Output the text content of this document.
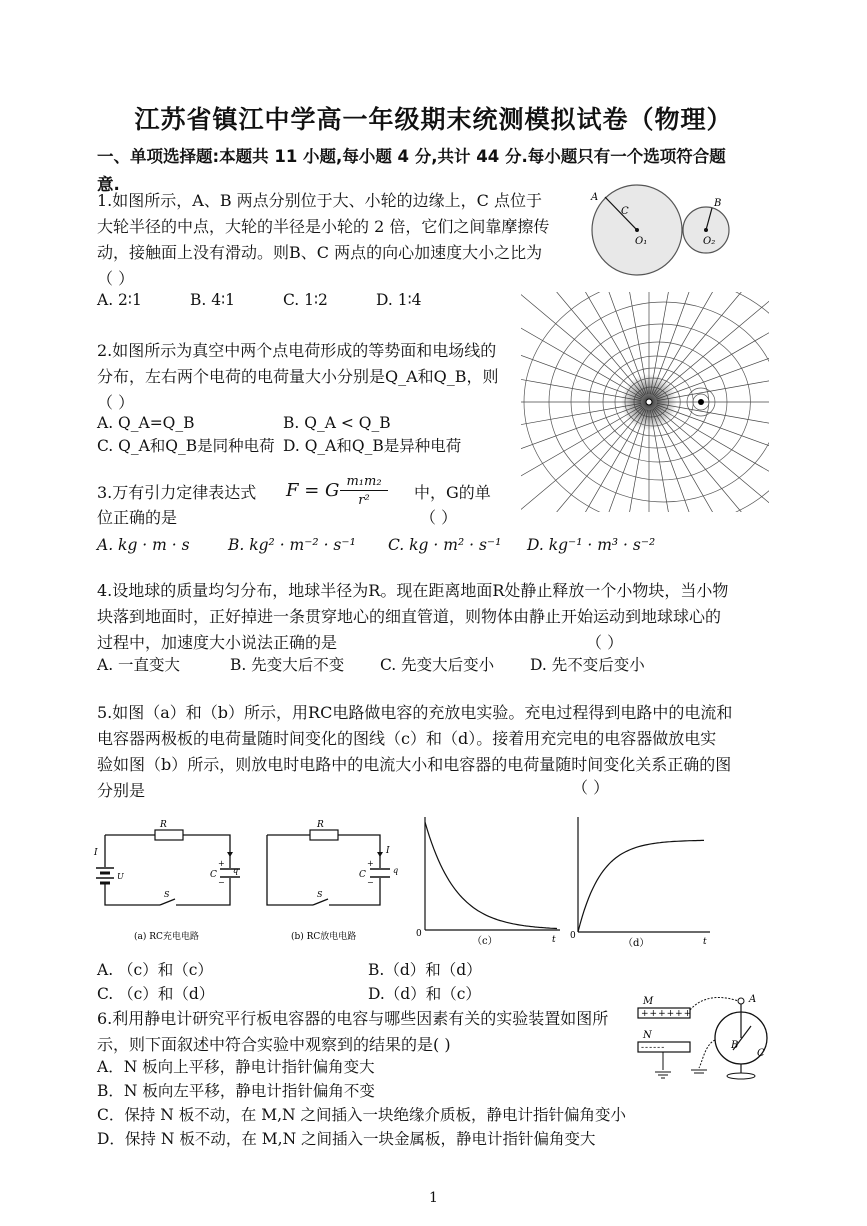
江苏省镇江中学高一年级期末统测模拟试卷（物理）
一、单项选择题:本题共 11 小题,每小题 4 分,共计 44 分.每小题只有一个选项符合题
意.
1.如图所示，A、B 两点分别位于大、小轮的边缘上，C 点位于
大轮半径的中点，大轮的半径是小轮的 2 倍，它们之间靠摩擦传
动，接触面上没有滑动。则B、C 两点的向心加速度大小之比为
（ ）
A. 2∶1	B. 4∶1	C. 1∶2	D. 1∶4
A
C
O₁
B
O₂
2.如图所示为真空中两个点电荷形成的等势面和电场线的
分布，左右两个电荷的电荷量大小分别是Q_A和Q_B，则
（ ）
A. Q_A=Q_B	B. Q_A < Q_B
C. Q_A和Q_B是同种电荷 D. Q_A和Q_B是异种电荷
3.万有引力定律表达式 F = G m₁m₂
r²	中，G的单
位正确的是	（ ）
A. kg · m · s B. kg² · m⁻² · s⁻¹ C. kg · m² · s⁻¹ D. kg⁻¹ · m³ · s⁻²
4.设地球的质量均匀分布，地球半径为R。现在距离地面R处静止释放一个小物块，当小物
块落到地面时，正好掉进一条贯穿地心的细直管道，则物体由静止开始运动到地球球心的
过程中，加速度大小说法正确的是	（ ）
A. 一直变大	B. 先变大后不变 C. 先变大后变小 D. 先不变后变小
5.如图（a）和（b）所示，用RC电路做电容的充放电实验。充电过程得到电路中的电流和
电容器两极板的电荷量随时间变化的图线（c）和（d）。接着用充完电的电容器做放电实
验如图（b）所示，则放电时电路中的电流大小和电容器的电荷量随时间变化关系正确的图
分别是	（ ）
R
I
U	C
+
−
q
S
(a) RC充电电路
R
I
C
+
−
q
S
(b) RC放电电路	0
t
（c）	0
t
（d）
A. （c）和（c）	B.（d）和（d）
C. （c）和（d）	D.（d）和（c）
6.利用静电计研究平行板电容器的电容与哪些因素有关的实验装置如图所
示，则下面叙述中符合实验中观察到的结果的是( )
A．N 板向上平移，静电计指针偏角变大
B．N 板向左平移，静电计指针偏角不变
C．保持 N 板不动，在 M,N 之间插入一块绝缘介质板，静电计指针偏角变小
D．保持 N 板不动，在 M,N 之间插入一块金属板，静电计指针偏角变大
++++++
------
M
N
A
B
C
1
